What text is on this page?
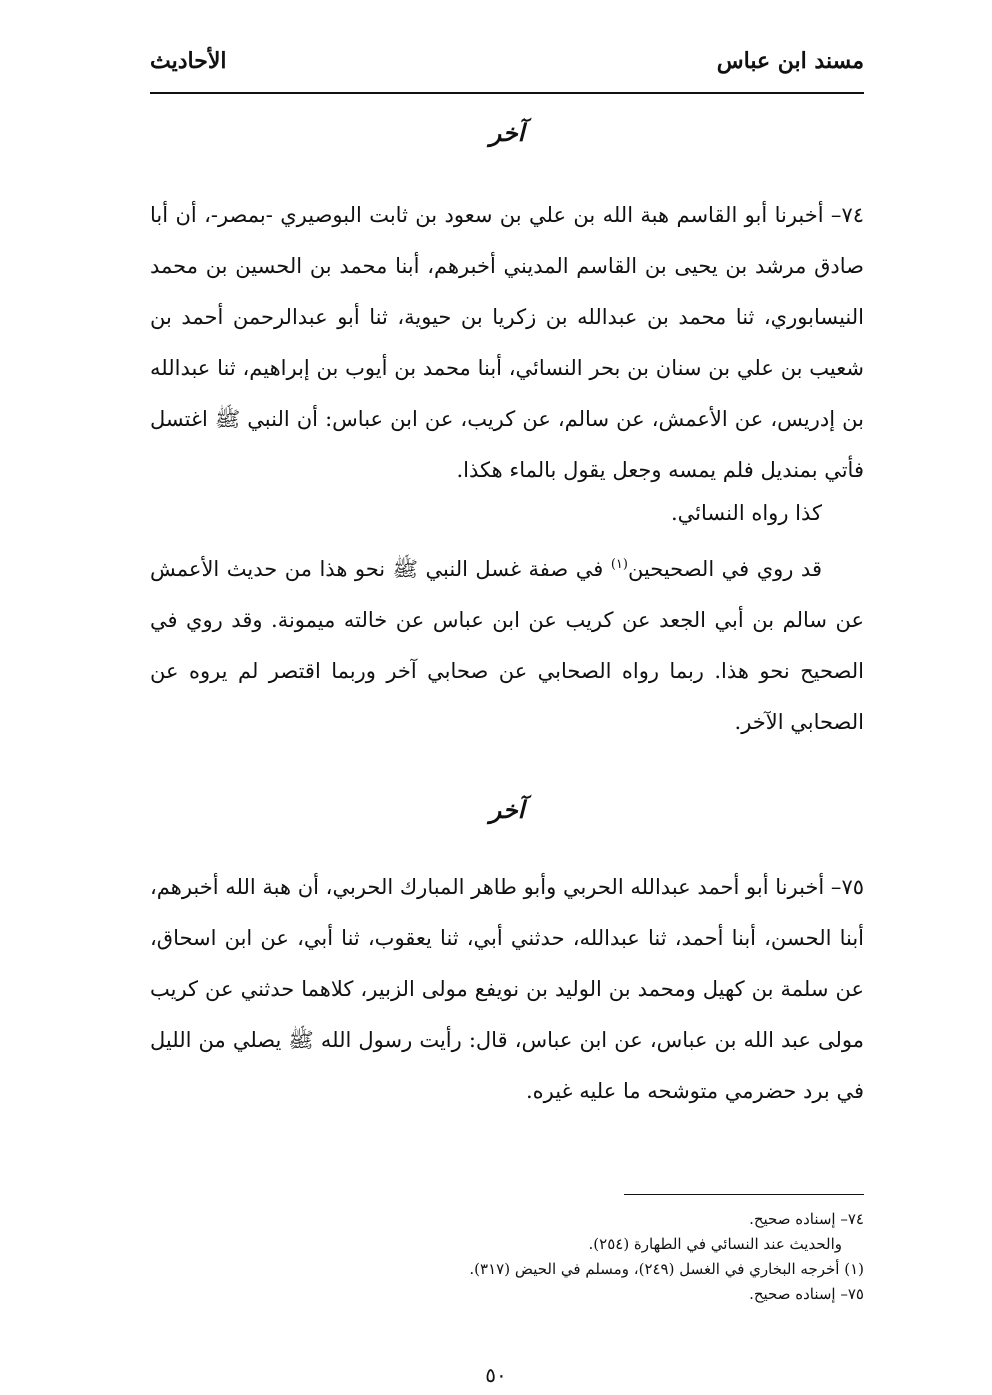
مسند ابن عباس
الأحاديث
آخر

٧٤– أخبرنا أبو القاسم هبة الله بن علي بن سعود بن ثابت البوصيري -بمصر-، أن أبا صادق مرشد بن يحيى بن القاسم المديني أخبرهم، أبنا محمد بن الحسين بن محمد النيسابوري، ثنا محمد بن عبدالله بن زكريا بن حيوية، ثنا أبو عبدالرحمن أحمد بن شعيب بن علي بن سنان بن بحر النسائي، أبنا محمد بن أيوب بن إبراهيم، ثنا عبدالله بن إدريس، عن الأعمش، عن سالم، عن كريب، عن ابن عباس: أن النبي ﷺ اغتسل فأتي بمنديل فلم يمسه وجعل يقول بالماء هكذا.

كذا رواه النسائي.

قد روي في الصحيحين$^{(١)}$ في صفة غسل النبي ﷺ نحو هذا من حديث الأعمش عن سالم بن أبي الجعد عن كريب عن ابن عباس عن خالته ميمونة. وقد روي في الصحيح نحو هذا. ربما رواه الصحابي عن صحابي آخر وربما اقتصر لم يروه عن الصحابي الآخر.

آخر

٧٥– أخبرنا أبو أحمد عبدالله الحربي وأبو طاهر المبارك الحربي، أن هبة الله أخبرهم، أبنا الحسن، أبنا أحمد، ثنا عبدالله، حدثني أبي، ثنا يعقوب، ثنا أبي، عن ابن اسحاق، عن سلمة بن كهيل ومحمد بن الوليد بن نويفع مولى الزبير، كلاهما حدثني عن كريب مولى عبد الله بن عباس، عن ابن عباس، قال: رأيت رسول الله ﷺ يصلي من الليل في برد حضرمي متوشحه ما عليه غيره.

٧٤– إسناده صحيح.
والحديث عند النسائي في الطهارة (٢٥٤).
(١) أخرجه البخاري في الغسل (٢٤٩)، ومسلم في الحيض (٣١٧).
٧٥– إسناده صحيح.
٥٠
